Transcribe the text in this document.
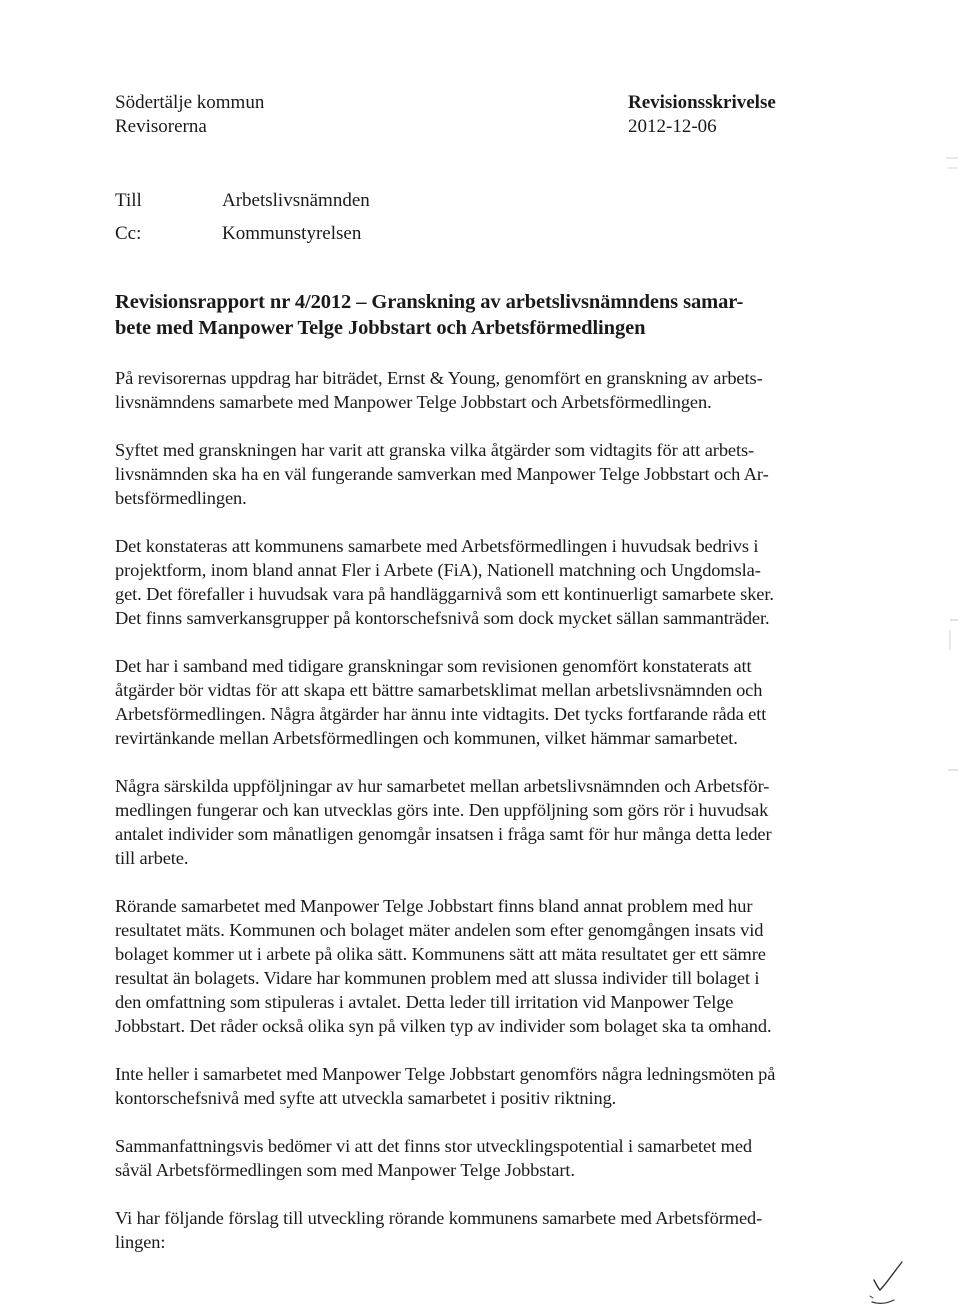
Södertälje kommun
Revisorerna
Revisionsskrivelse
2012-12-06
Till	Arbetslivsnämnden
Cc:	Kommunstyrelsen
Revisionsrapport nr 4/2012 – Granskning av arbetslivsnämndens samar-
bete med Manpower Telge Jobbstart och Arbetsförmedlingen

På revisorernas uppdrag har biträdet, Ernst & Young, genomfört en granskning av arbets-
livsnämndens samarbete med Manpower Telge Jobbstart och Arbetsförmedlingen.

Syftet med granskningen har varit att granska vilka åtgärder som vidtagits för att arbets-
livsnämnden ska ha en väl fungerande samverkan med Manpower Telge Jobbstart och Ar-
betsförmedlingen.

Det konstateras att kommunens samarbete med Arbetsförmedlingen i huvudsak bedrivs i
projektform, inom bland annat Fler i Arbete (FiA), Nationell matchning och Ungdomsla-
get. Det förefaller i huvudsak vara på handläggarnivå som ett kontinuerligt samarbete sker.
Det finns samverkansgrupper på kontorschefsnivå som dock mycket sällan sammanträder.

Det har i samband med tidigare granskningar som revisionen genomfört konstaterats att
åtgärder bör vidtas för att skapa ett bättre samarbetsklimat mellan arbetslivsnämnden och
Arbetsförmedlingen. Några åtgärder har ännu inte vidtagits. Det tycks fortfarande råda ett
revirtänkande mellan Arbetsförmedlingen och kommunen, vilket hämmar samarbetet.

Några särskilda uppföljningar av hur samarbetet mellan arbetslivsnämnden och Arbetsför-
medlingen fungerar och kan utvecklas görs inte. Den uppföljning som görs rör i huvudsak
antalet individer som månatligen genomgår insatsen i fråga samt för hur många detta leder
till arbete.

Rörande samarbetet med Manpower Telge Jobbstart finns bland annat problem med hur
resultatet mäts. Kommunen och bolaget mäter andelen som efter genomgången insats vid
bolaget kommer ut i arbete på olika sätt. Kommunens sätt att mäta resultatet ger ett sämre
resultat än bolagets. Vidare har kommunen problem med att slussa individer till bolaget i
den omfattning som stipuleras i avtalet. Detta leder till irritation vid Manpower Telge
Jobbstart. Det råder också olika syn på vilken typ av individer som bolaget ska ta omhand.

Inte heller i samarbetet med Manpower Telge Jobbstart genomförs några ledningsmöten på
kontorschefsnivå med syfte att utveckla samarbetet i positiv riktning.

Sammanfattningsvis bedömer vi att det finns stor utvecklingspotential i samarbetet med
såväl Arbetsförmedlingen som med Manpower Telge Jobbstart.

Vi har följande förslag till utveckling rörande kommunens samarbete med Arbetsförmed-
lingen:
